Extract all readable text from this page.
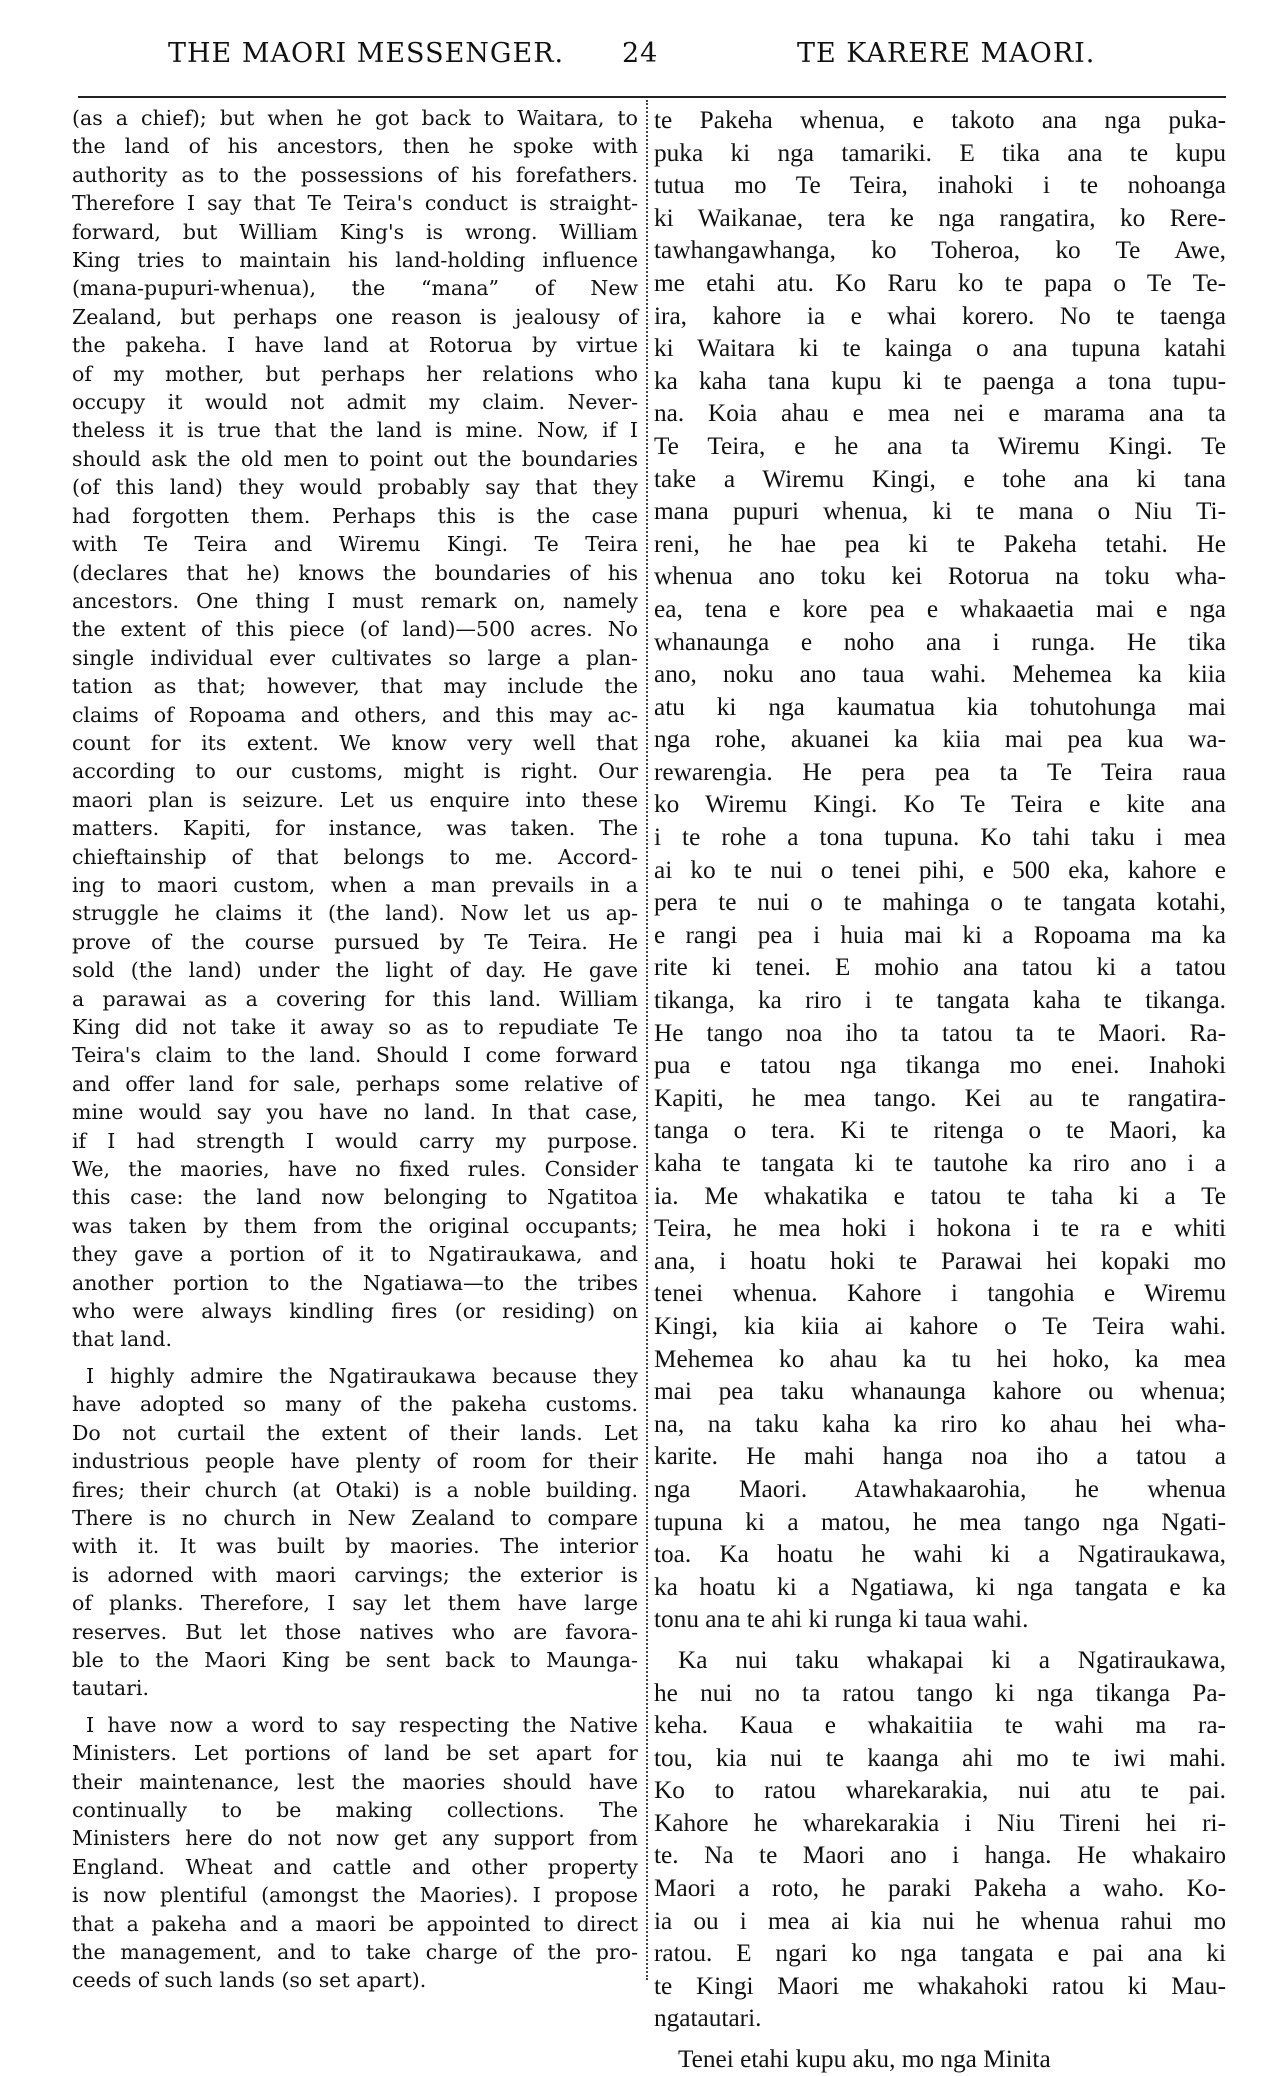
THE MAORI MESSENGER. 24	TE KARERE MAORI.
(as a chief); but when he got back to Waitara, to
the land of his ancestors, then he spoke with
authority as to the possessions of his forefathers.
Therefore I say that Te Teira's conduct is straight-
forward, but William King's is wrong. William
King tries to maintain his land-holding influence
(mana-pupuri-whenua), the “mana” of New
Zealand, but perhaps one reason is jealousy of
the pakeha. I have land at Rotorua by virtue
of my mother, but perhaps her relations who
occupy it would not admit my claim. Never-
theless it is true that the land is mine. Now, if I
should ask the old men to point out the boundaries
(of this land) they would probably say that they
had forgotten them. Perhaps this is the case
with Te Teira and Wiremu Kingi. Te Teira
(declares that he) knows the boundaries of his
ancestors. One thing I must remark on, namely
the extent of this piece (of land)—500 acres. No
single individual ever cultivates so large a plan-
tation as that; however, that may include the
claims of Ropoama and others, and this may ac-
count for its extent. We know very well that
according to our customs, might is right. Our
maori plan is seizure. Let us enquire into these
matters. Kapiti, for instance, was taken. The
chieftainship of that belongs to me. Accord-
ing to maori custom, when a man prevails in a
struggle he claims it (the land). Now let us ap-
prove of the course pursued by Te Teira. He
sold (the land) under the light of day. He gave
a parawai as a covering for this land. William
King did not take it away so as to repudiate Te
Teira's claim to the land. Should I come forward
and offer land for sale, perhaps some relative of
mine would say you have no land. In that case,
if I had strength I would carry my purpose.
We, the maories, have no fixed rules. Consider
this case: the land now belonging to Ngatitoa
was taken by them from the original occupants;
they gave a portion of it to Ngatiraukawa, and
another portion to the Ngatiawa—to the tribes
who were always kindling fires (or residing) on
that land.
I highly admire the Ngatiraukawa because they
have adopted so many of the pakeha customs.
Do not curtail the extent of their lands. Let
industrious people have plenty of room for their
fires; their church (at Otaki) is a noble building.
There is no church in New Zealand to compare
with it. It was built by maories. The interior
is adorned with maori carvings; the exterior is
of planks. Therefore, I say let them have large
reserves. But let those natives who are favora-
ble to the Maori King be sent back to Maunga-
tautari.
I have now a word to say respecting the Native
Ministers. Let portions of land be set apart for
their maintenance, lest the maories should have
continually to be making collections. The
Ministers here do not now get any support from
England. Wheat and cattle and other property
is now plentiful (amongst the Maories). I propose
that a pakeha and a maori be appointed to direct
the management, and to take charge of the pro-
ceeds of such lands (so set apart).
te Pakeha whenua, e takoto ana nga puka-
puka ki nga tamariki. E tika ana te kupu
tutua mo Te Teira, inahoki i te nohoanga
ki Waikanae, tera ke nga rangatira, ko Rere-
tawhangawhanga, ko Toheroa, ko Te Awe,
me etahi atu. Ko Raru ko te papa o Te Te-
ira, kahore ia e whai korero. No te taenga
ki Waitara ki te kainga o ana tupuna katahi
ka kaha tana kupu ki te paenga a tona tupu-
na. Koia ahau e mea nei e marama ana ta
Te Teira, e he ana ta Wiremu Kingi. Te
take a Wiremu Kingi, e tohe ana ki tana
mana pupuri whenua, ki te mana o Niu Ti-
reni, he hae pea ki te Pakeha tetahi. He
whenua ano toku kei Rotorua na toku wha-
ea, tena e kore pea e whakaaetia mai e nga
whanaunga e noho ana i runga. He tika
ano, noku ano taua wahi. Mehemea ka kiia
atu ki nga kaumatua kia tohutohunga mai
nga rohe, akuanei ka kiia mai pea kua wa-
rewarengia. He pera pea ta Te Teira raua
ko Wiremu Kingi. Ko Te Teira e kite ana
i te rohe a tona tupuna. Ko tahi taku i mea
ai ko te nui o tenei pihi, e 500 eka, kahore e
pera te nui o te mahinga o te tangata kotahi,
e rangi pea i huia mai ki a Ropoama ma ka
rite ki tenei. E mohio ana tatou ki a tatou
tikanga, ka riro i te tangata kaha te tikanga.
He tango noa iho ta tatou ta te Maori. Ra-
pua e tatou nga tikanga mo enei. Inahoki
Kapiti, he mea tango. Kei au te rangatira-
tanga o tera. Ki te ritenga o te Maori, ka
kaha te tangata ki te tautohe ka riro ano i a
ia. Me whakatika e tatou te taha ki a Te
Teira, he mea hoki i hokona i te ra e whiti
ana, i hoatu hoki te Parawai hei kopaki mo
tenei whenua. Kahore i tangohia e Wiremu
Kingi, kia kiia ai kahore o Te Teira wahi.
Mehemea ko ahau ka tu hei hoko, ka mea
mai pea taku whanaunga kahore ou whenua;
na, na taku kaha ka riro ko ahau hei wha-
karite. He mahi hanga noa iho a tatou a
nga Maori. Atawhakaarohia, he whenua
tupuna ki a matou, he mea tango nga Ngati-
toa. Ka hoatu he wahi ki a Ngatiraukawa,
ka hoatu ki a Ngatiawa, ki nga tangata e ka
tonu ana te ahi ki runga ki taua wahi.
Ka nui taku whakapai ki a Ngatiraukawa,
he nui no ta ratou tango ki nga tikanga Pa-
keha. Kaua e whakaitiia te wahi ma ra-
tou, kia nui te kaanga ahi mo te iwi mahi.
Ko to ratou wharekarakia, nui atu te pai.
Kahore he wharekarakia i Niu Tireni hei ri-
te. Na te Maori ano i hanga. He whakairo
Maori a roto, he paraki Pakeha a waho. Ko-
ia ou i mea ai kia nui he whenua rahui mo
ratou. E ngari ko nga tangata e pai ana ki
te Kingi Maori me whakahoki ratou ki Mau-
ngatautari.
Tenei etahi kupu aku, mo nga Minita
